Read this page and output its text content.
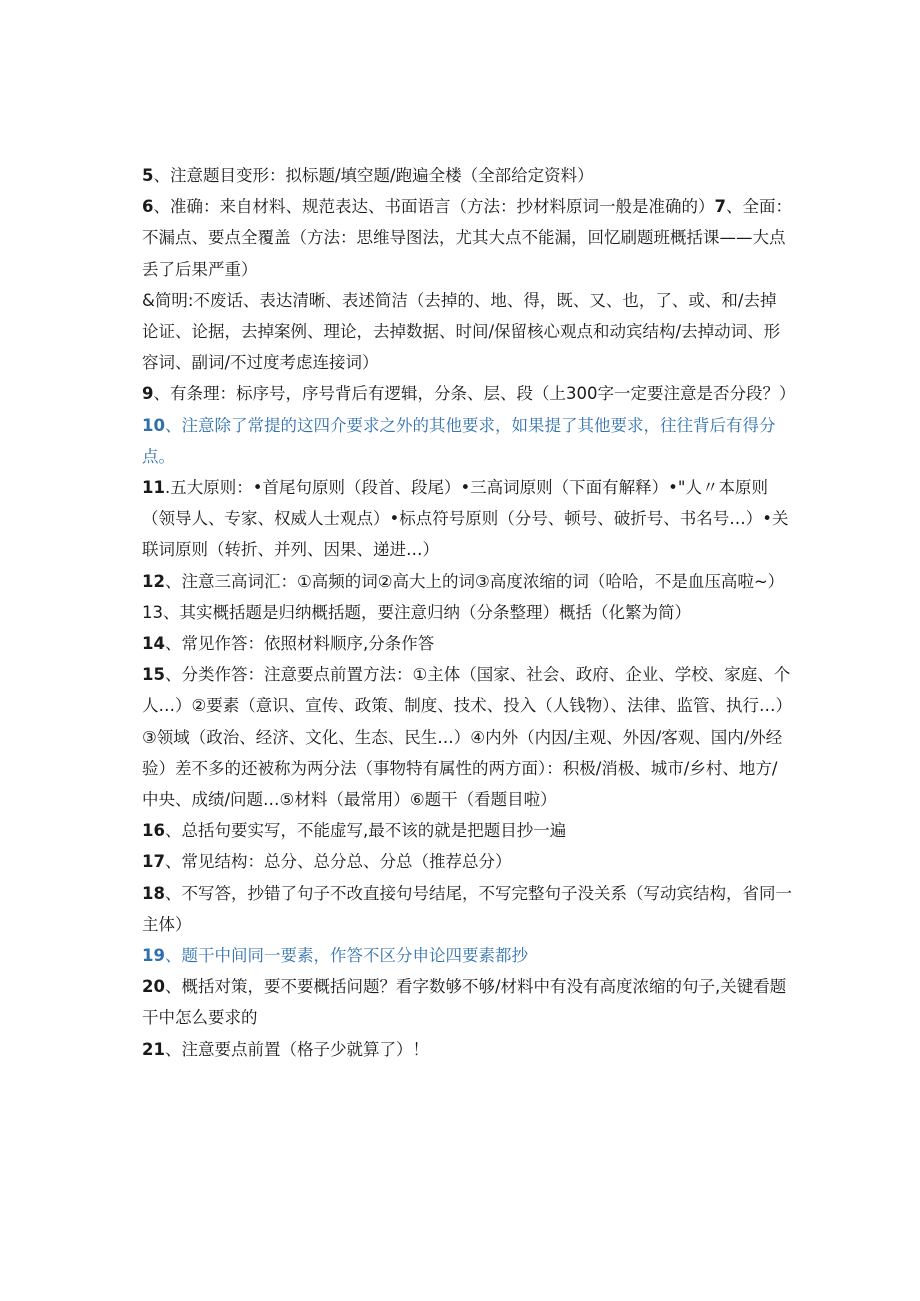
5、注意题目变形：拟标题/填空题/跑遍全楼（全部给定资料）

6、准确：来自材料、规范表达、书面语言（方法：抄材料原词一般是准确的）7、全面：不漏点、要点全覆盖（方法：思维导图法，尤其大点不能漏，回忆刷题班概括课——大点丢了后果严重）

&简明:不废话、表达清晰、表述简洁（去掉的、地、得，既、又、也，了、或、和/去掉论证、论据，去掉案例、理论，去掉数据、时间/保留核心观点和动宾结构/去掉动词、形容词、副词/不过度考虑连接词）

9、有条理：标序号，序号背后有逻辑，分条、层、段（上300字一定要注意是否分段？）

10、注意除了常提的这四介要求之外的其他要求，如果提了其他要求，往往背后有得分点。

11.五大原则：•首尾句原则（段首、段尾）•三高词原则（下面有解释）•"人〃本原则（领导人、专家、权威人士观点）•标点符号原则（分号、顿号、破折号、书名号…）•关联词原则（转折、并列、因果、递进…）

12、注意三高词汇：①高频的词②高大上的词③高度浓缩的词（哈哈，不是血压高啦~）

13、其实概括题是归纳概括题，要注意归纳（分条整理）概括（化繁为简）

14、常见作答：依照材料顺序,分条作答

15、分类作答：注意要点前置方法：①主体（国家、社会、政府、企业、学校、家庭、个人…）②要素（意识、宣传、政策、制度、技术、投入（人钱物）、法律、监管、执行…）③领域（政治、经济、文化、生态、民生…）④内外（内因/主观、外因/客观、国内/外经验）差不多的还被称为两分法（事物特有属性的两方面）：积极/消极、城市/乡村、地方/中央、成绩/问题…⑤材料（最常用）⑥题干（看题目啦）

16、总括句要实写，不能虚写,最不该的就是把题目抄一遍

17、常见结构：总分、总分总、分总（推荐总分）

18、不写答，抄错了句子不改直接句号结尾，不写完整句子没关系（写动宾结构，省同一主体）

19、题干中间同一要素，作答不区分申论四要素都抄

20、概括对策，要不要概括问题？看字数够不够/材料中有没有高度浓缩的句子,关键看题干中怎么要求的

21、注意要点前置（格子少就算了）！
